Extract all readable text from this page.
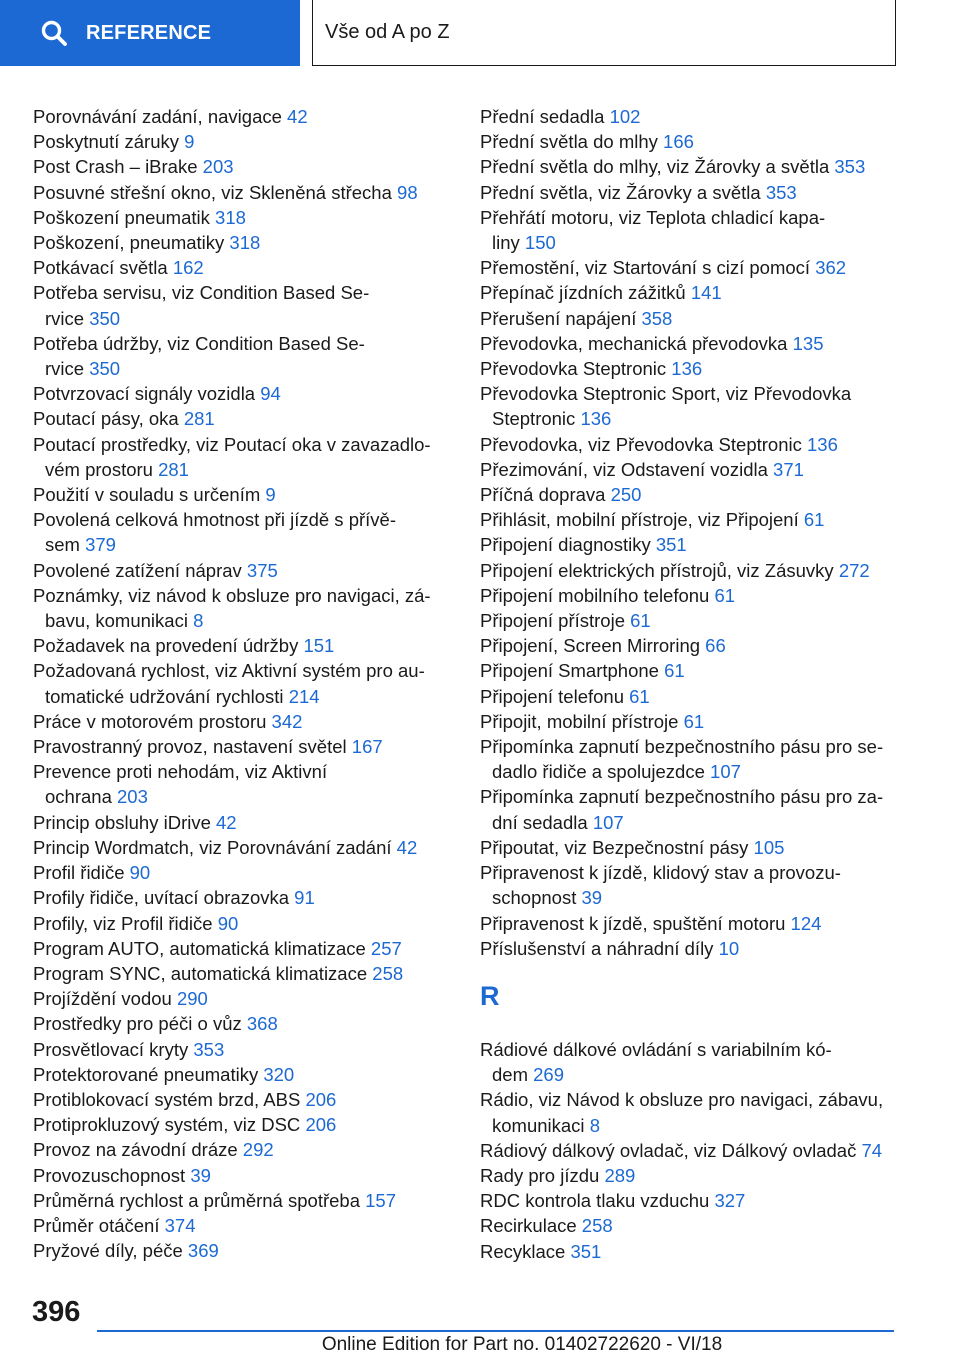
REFERENCE	Vše od A po Z
Porovnávání zadání, navigace 42
Poskytnutí záruky 9
Post Crash – iBrake 203
Posuvné střešní okno, viz Skleněná střecha 98
Poškození pneumatik 318
Poškození, pneumatiky 318
Potkávací světla 162
Potřeba servisu, viz Condition Based Se-
rvice 350
Potřeba údržby, viz Condition Based Se-
rvice 350
Potvrzovací signály vozidla 94
Poutací pásy, oka 281
Poutací prostředky, viz Poutací oka v zavazadlo-
vém prostoru 281
Použití v souladu s určením 9
Povolená celková hmotnost při jízdě s přívě-
sem 379
Povolené zatížení náprav 375
Poznámky, viz návod k obsluze pro navigaci, zá-
bavu, komunikaci 8
Požadavek na provedení údržby 151
Požadovaná rychlost, viz Aktivní systém pro au-
tomatické udržování rychlosti 214
Práce v motorovém prostoru 342
Pravostranný provoz, nastavení světel 167
Prevence proti nehodám, viz Aktivní
ochrana 203
Princip obsluhy iDrive 42
Princip Wordmatch, viz Porovnávání zadání 42
Profil řidiče 90
Profily řidiče, uvítací obrazovka 91
Profily, viz Profil řidiče 90
Program AUTO, automatická klimatizace 257
Program SYNC, automatická klimatizace 258
Projíždění vodou 290
Prostředky pro péči o vůz 368
Prosvětlovací kryty 353
Protektorované pneumatiky 320
Protiblokovací systém brzd, ABS 206
Protiprokluzový systém, viz DSC 206
Provoz na závodní dráze 292
Provozuschopnost 39
Průměrná rychlost a průměrná spotřeba 157
Průměr otáčení 374
Pryžové díly, péče 369
Přední sedadla 102
Přední světla do mlhy 166
Přední světla do mlhy, viz Žárovky a světla 353
Přední světla, viz Žárovky a světla 353
Přehřátí motoru, viz Teplota chladicí kapa-
liny 150
Přemostění, viz Startování s cizí pomocí 362
Přepínač jízdních zážitků 141
Přerušení napájení 358
Převodovka, mechanická převodovka 135
Převodovka Steptronic 136
Převodovka Steptronic Sport, viz Převodovka
Steptronic 136
Převodovka, viz Převodovka Steptronic 136
Přezimování, viz Odstavení vozidla 371
Příčná doprava 250
Přihlásit, mobilní přístroje, viz Připojení 61
Připojení diagnostiky 351
Připojení elektrických přístrojů, viz Zásuvky 272
Připojení mobilního telefonu 61
Připojení přístroje 61
Připojení, Screen Mirroring 66
Připojení Smartphone 61
Připojení telefonu 61
Připojit, mobilní přístroje 61
Připomínka zapnutí bezpečnostního pásu pro se-
dadlo řidiče a spolujezdce 107
Připomínka zapnutí bezpečnostního pásu pro za-
dní sedadla 107
Připoutat, viz Bezpečnostní pásy 105
Připravenost k jízdě, klidový stav a provozu-
schopnost 39
Připravenost k jízdě, spuštění motoru 124
Příslušenství a náhradní díly 10
R
Rádiové dálkové ovládání s variabilním kó-
dem 269
Rádio, viz Návod k obsluze pro navigaci, zábavu,
komunikaci 8
Rádiový dálkový ovladač, viz Dálkový ovladač 74
Rady pro jízdu 289
RDC kontrola tlaku vzduchu 327
Recirkulace 258
Recyklace 351
396
Online Edition for Part no. 01402722620 - VI/18
